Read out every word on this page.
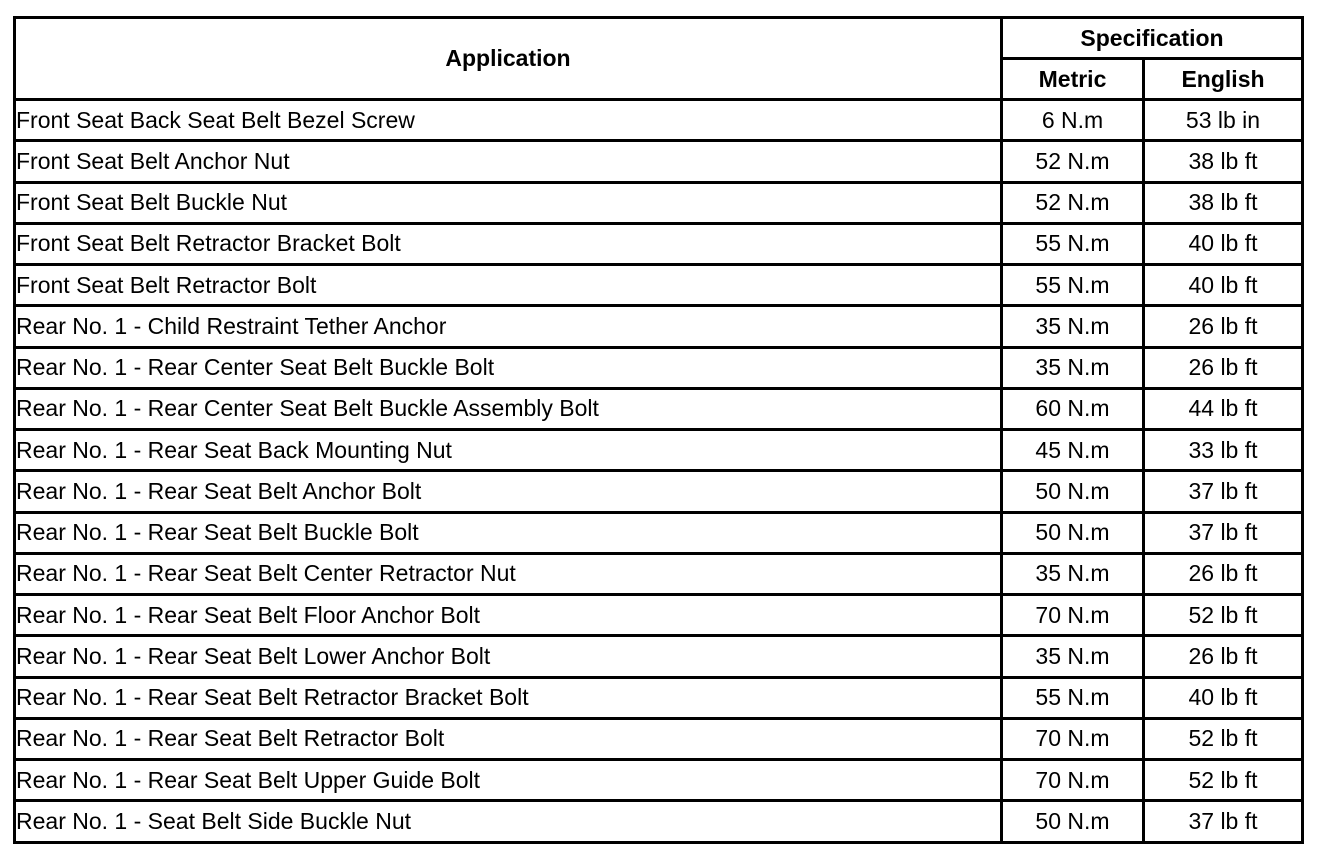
Application	Specification	
	Metric	English
Front Seat Back Seat Belt Bezel Screw	6 N.m	53 lb in
Front Seat Belt Anchor Nut	52 N.m	38 lb ft
Front Seat Belt Buckle Nut	52 N.m	38 lb ft
Front Seat Belt Retractor Bracket Bolt	55 N.m	40 lb ft
Front Seat Belt Retractor Bolt	55 N.m	40 lb ft
Rear No. 1 - Child Restraint Tether Anchor	35 N.m	26 lb ft
Rear No. 1 - Rear Center Seat Belt Buckle Bolt	35 N.m	26 lb ft
Rear No. 1 - Rear Center Seat Belt Buckle Assembly Bolt	60 N.m	44 lb ft
Rear No. 1 - Rear Seat Back Mounting Nut	45 N.m	33 lb ft
Rear No. 1 - Rear Seat Belt Anchor Bolt	50 N.m	37 lb ft
Rear No. 1 - Rear Seat Belt Buckle Bolt	50 N.m	37 lb ft
Rear No. 1 - Rear Seat Belt Center Retractor Nut	35 N.m	26 lb ft
Rear No. 1 - Rear Seat Belt Floor Anchor Bolt	70 N.m	52 lb ft
Rear No. 1 - Rear Seat Belt Lower Anchor Bolt	35 N.m	26 lb ft
Rear No. 1 - Rear Seat Belt Retractor Bracket Bolt	55 N.m	40 lb ft
Rear No. 1 - Rear Seat Belt Retractor Bolt	70 N.m	52 lb ft
Rear No. 1 - Rear Seat Belt Upper Guide Bolt	70 N.m	52 lb ft
Rear No. 1 - Seat Belt Side Buckle Nut	50 N.m	37 lb ft
